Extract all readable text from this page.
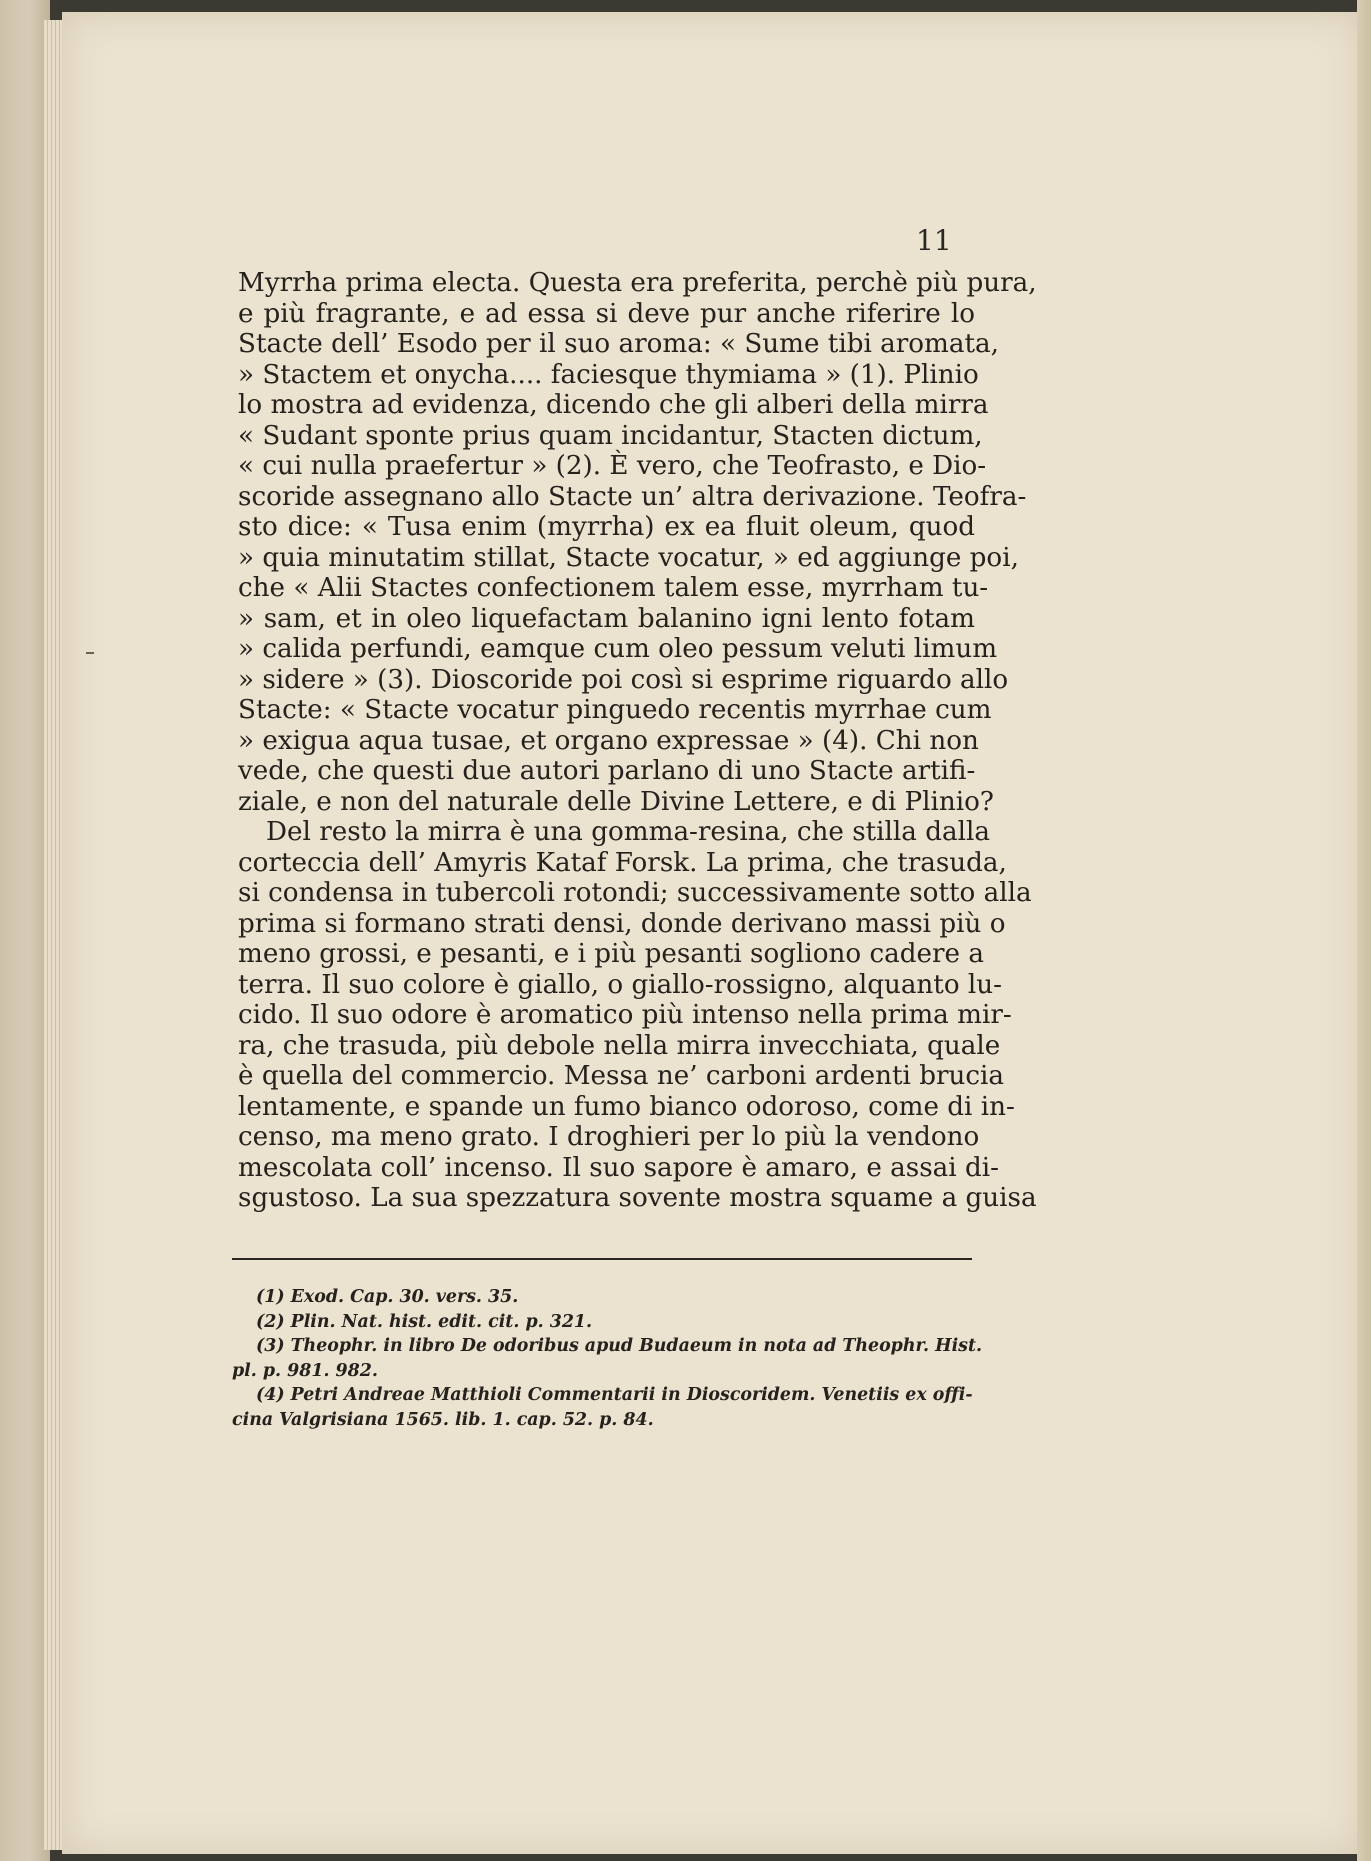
11
Myrrha prima electa. Questa era preferita, perchè più pura,
e più fragrante, e ad essa si deve pur anche riferire lo
Stacte dell’ Esodo per il suo aroma: « Sume tibi aromata,
» Stactem et onycha.... faciesque thymiama » (1). Plinio
lo mostra ad evidenza, dicendo che gli alberi della mirra
« Sudant sponte prius quam incidantur, Stacten dictum,
« cui nulla praefertur » (2). È vero, che Teofrasto, e Dio-
scoride assegnano allo Stacte un’ altra derivazione. Teofra-
sto dice: « Tusa enim (myrrha) ex ea fluit oleum, quod
» quia minutatim stillat, Stacte vocatur, » ed aggiunge poi,
che « Alii Stactes confectionem talem esse, myrrham tu-
» sam, et in oleo liquefactam balanino igni lento fotam
» calida perfundi, eamque cum oleo pessum veluti limum
» sidere » (3). Dioscoride poi così si esprime riguardo allo
Stacte: « Stacte vocatur pinguedo recentis myrrhae cum
» exigua aqua tusae, et organo expressae » (4). Chi non
vede, che questi due autori parlano di uno Stacte artifi-
ziale, e non del naturale delle Divine Lettere, e di Plinio?
Del resto la mirra è una gomma-resina, che stilla dalla
corteccia dell’ Amyris Kataf Forsk. La prima, che trasuda,
si condensa in tubercoli rotondi; successivamente sotto alla
prima si formano strati densi, donde derivano massi più o
meno grossi, e pesanti, e i più pesanti sogliono cadere a
terra. Il suo colore è giallo, o giallo-rossigno, alquanto lu-
cido. Il suo odore è aromatico più intenso nella prima mir-
ra, che trasuda, più debole nella mirra invecchiata, quale
è quella del commercio. Messa ne’ carboni ardenti brucia
lentamente, e spande un fumo bianco odoroso, come di in-
censo, ma meno grato. I droghieri per lo più la vendono
mescolata coll’ incenso. Il suo sapore è amaro, e assai di-
sgustoso. La sua spezzatura sovente mostra squame a guisa
(1) Exod. Cap. 30. vers. 35.
(2) Plin. Nat. hist. edit. cit. p. 321.
(3) Theophr. in libro De odoribus apud Budaeum in nota ad Theophr. Hist.
pl. p. 981. 982.
(4) Petri Andreae Matthioli Commentarii in Dioscoridem. Venetiis ex offi-
cina Valgrisiana 1565. lib. 1. cap. 52. p. 84.
